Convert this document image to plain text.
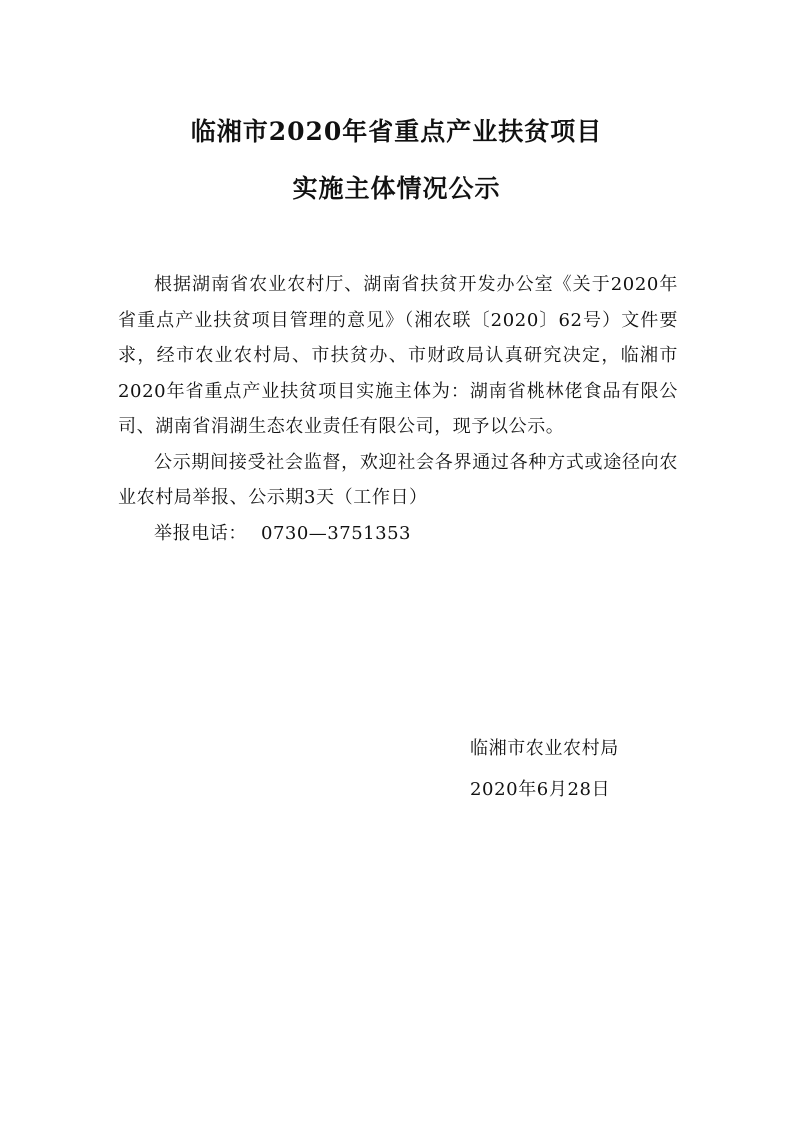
临湘市2020年省重点产业扶贫项目
实施主体情况公示

根据湖南省农业农村厅、湖南省扶贫开发办公室《关于2020年省重点产业扶贫项目管理的意见》（湘农联〔2020〕62号）文件要求，经市农业农村局、市扶贫办、市财政局认真研究决定，临湘市2020年省重点产业扶贫项目实施主体为：湖南省桃林佬食品有限公司、湖南省涓湖生态农业责任有限公司，现予以公示。

公示期间接受社会监督，欢迎社会各界通过各种方式或途径向农业农村局举报、公示期3天（工作日）

举报电话： 0730—3751353

临湘市农业农村局
2020年6月28日
